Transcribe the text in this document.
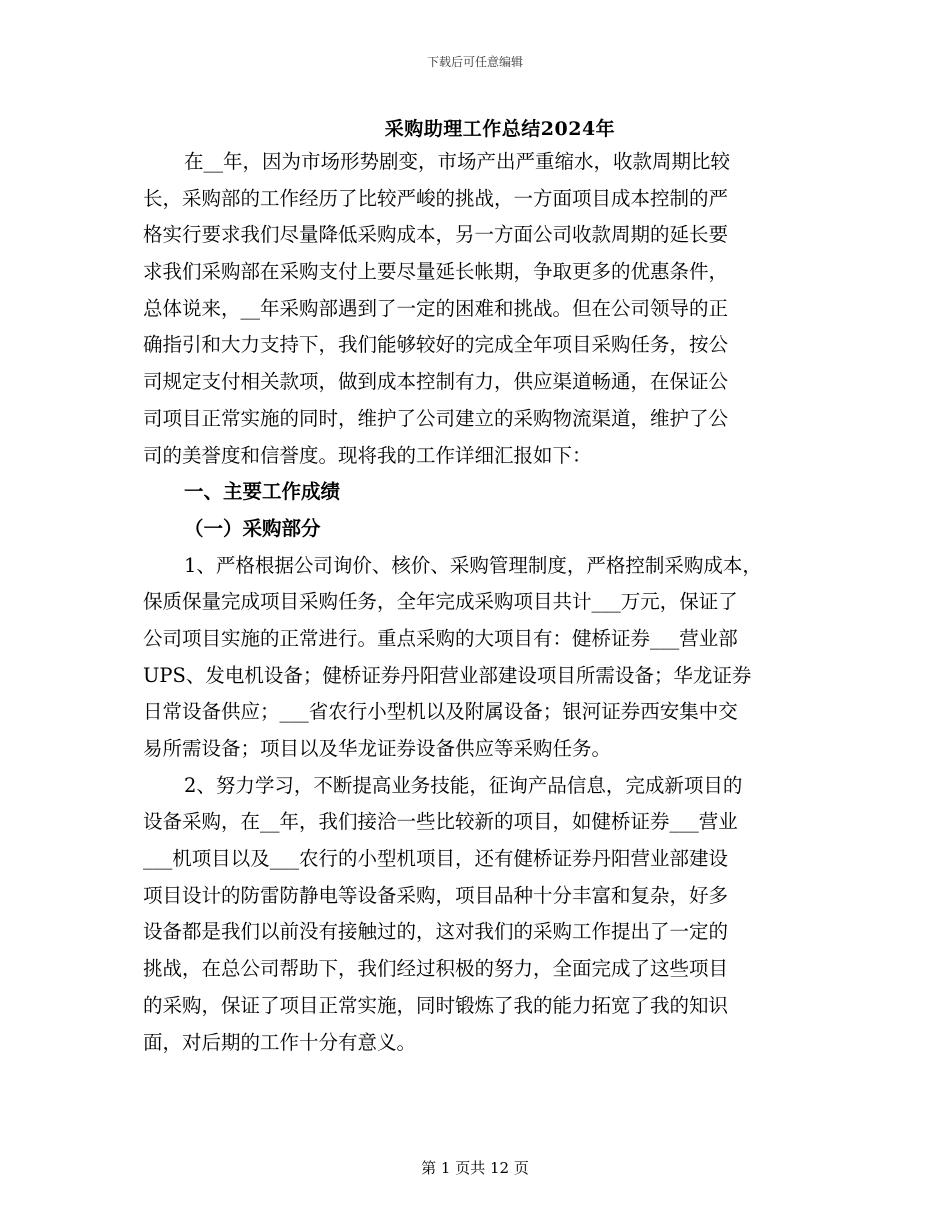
下载后可任意编辑
采购助理工作总结2024年
在__年，因为市场形势剧变，市场产出严重缩水，收款周期比较
长，采购部的工作经历了比较严峻的挑战，一方面项目成本控制的严
格实行要求我们尽量降低采购成本，另一方面公司收款周期的延长要
求我们采购部在采购支付上要尽量延长帐期，争取更多的优惠条件，
总体说来，__年采购部遇到了一定的困难和挑战。但在公司领导的正
确指引和大力支持下，我们能够较好的完成全年项目采购任务，按公
司规定支付相关款项，做到成本控制有力，供应渠道畅通，在保证公
司项目正常实施的同时，维护了公司建立的采购物流渠道，维护了公
司的美誉度和信誉度。现将我的工作详细汇报如下：
一、主要工作成绩
（一）采购部分
1、严格根据公司询价、核价、采购管理制度，严格控制采购成本，
保质保量完成项目采购任务，全年完成采购项目共计___万元，保证了
公司项目实施的正常进行。重点采购的大项目有：健桥证券___营业部
UPS、发电机设备；健桥证券丹阳营业部建设项目所需设备；华龙证券
日常设备供应；___省农行小型机以及附属设备；银河证券西安集中交
易所需设备；项目以及华龙证券设备供应等采购任务。
2、努力学习，不断提高业务技能，征询产品信息，完成新项目的
设备采购，在__年，我们接洽一些比较新的项目，如健桥证券___营业
___机项目以及___农行的小型机项目，还有健桥证券丹阳营业部建设
项目设计的防雷防静电等设备采购，项目品种十分丰富和复杂，好多
设备都是我们以前没有接触过的，这对我们的采购工作提出了一定的
挑战，在总公司帮助下，我们经过积极的努力，全面完成了这些项目
的采购，保证了项目正常实施，同时锻炼了我的能力拓宽了我的知识
面，对后期的工作十分有意义。
第 1 页共 12 页
